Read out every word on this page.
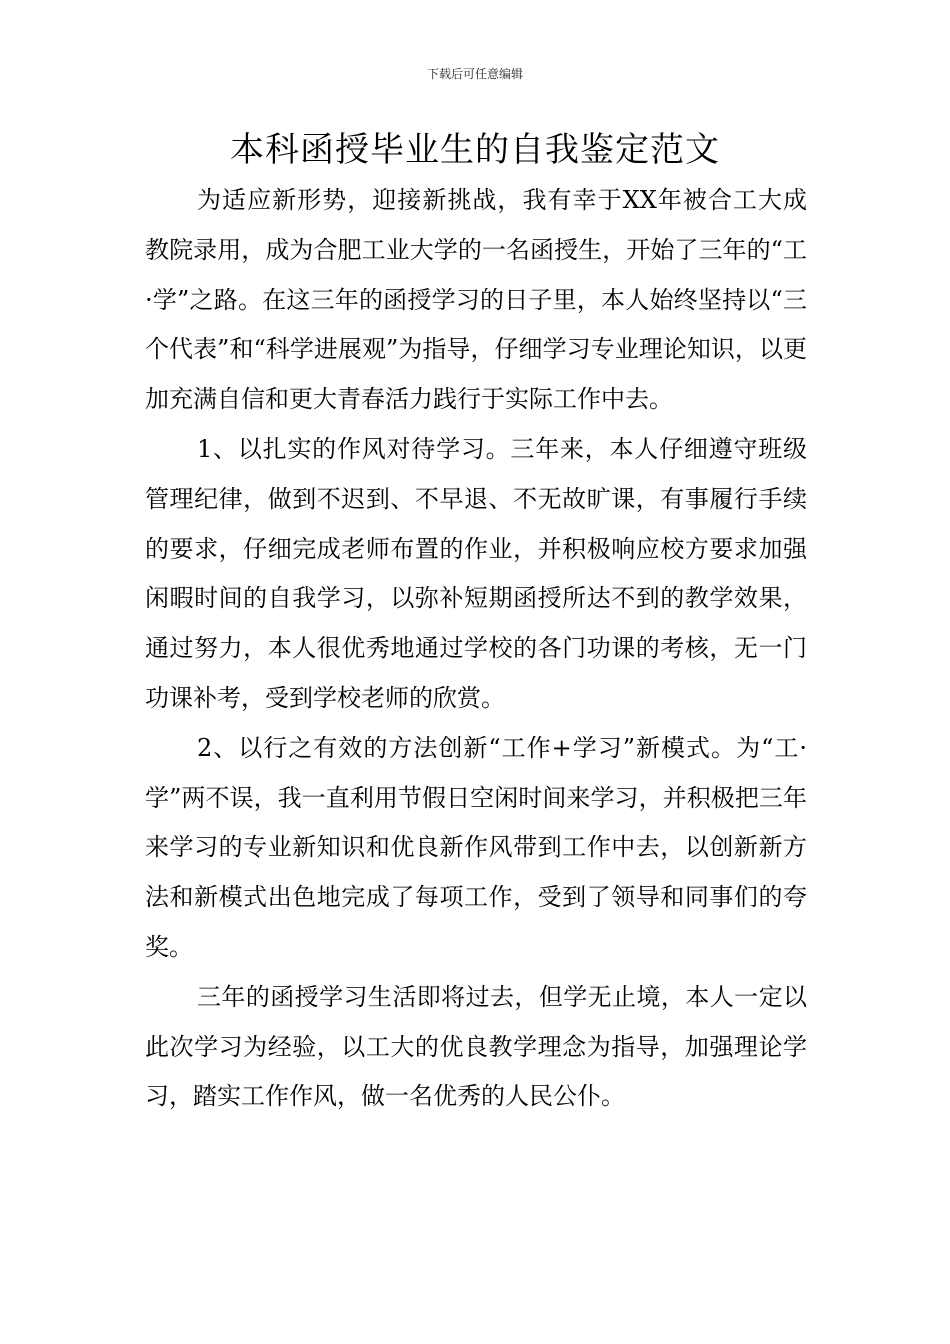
下载后可任意编辑
本科函授毕业生的自我鉴定范文

为适应新形势，迎接新挑战，我有幸于XX年被合工大成教院录用，成为合肥工业大学的一名函授生，开始了三年的“工·学”之路。在这三年的函授学习的日子里，本人始终坚持以“三个代表”和“科学进展观”为指导，仔细学习专业理论知识，以更加充满自信和更大青春活力践行于实际工作中去。

1、以扎实的作风对待学习。三年来，本人仔细遵守班级管理纪律，做到不迟到、不早退、不无故旷课，有事履行手续的要求，仔细完成老师布置的作业，并积极响应校方要求加强闲暇时间的自我学习，以弥补短期函授所达不到的教学效果，通过努力，本人很优秀地通过学校的各门功课的考核，无一门功课补考，受到学校老师的欣赏。

2、以行之有效的方法创新“工作+学习”新模式。为“工·学”两不误，我一直利用节假日空闲时间来学习，并积极把三年来学习的专业新知识和优良新作风带到工作中去，以创新新方法和新模式出色地完成了每项工作，受到了领导和同事们的夸奖。

三年的函授学习生活即将过去，但学无止境，本人一定以此次学习为经验，以工大的优良教学理念为指导，加强理论学习，踏实工作作风，做一名优秀的人民公仆。
